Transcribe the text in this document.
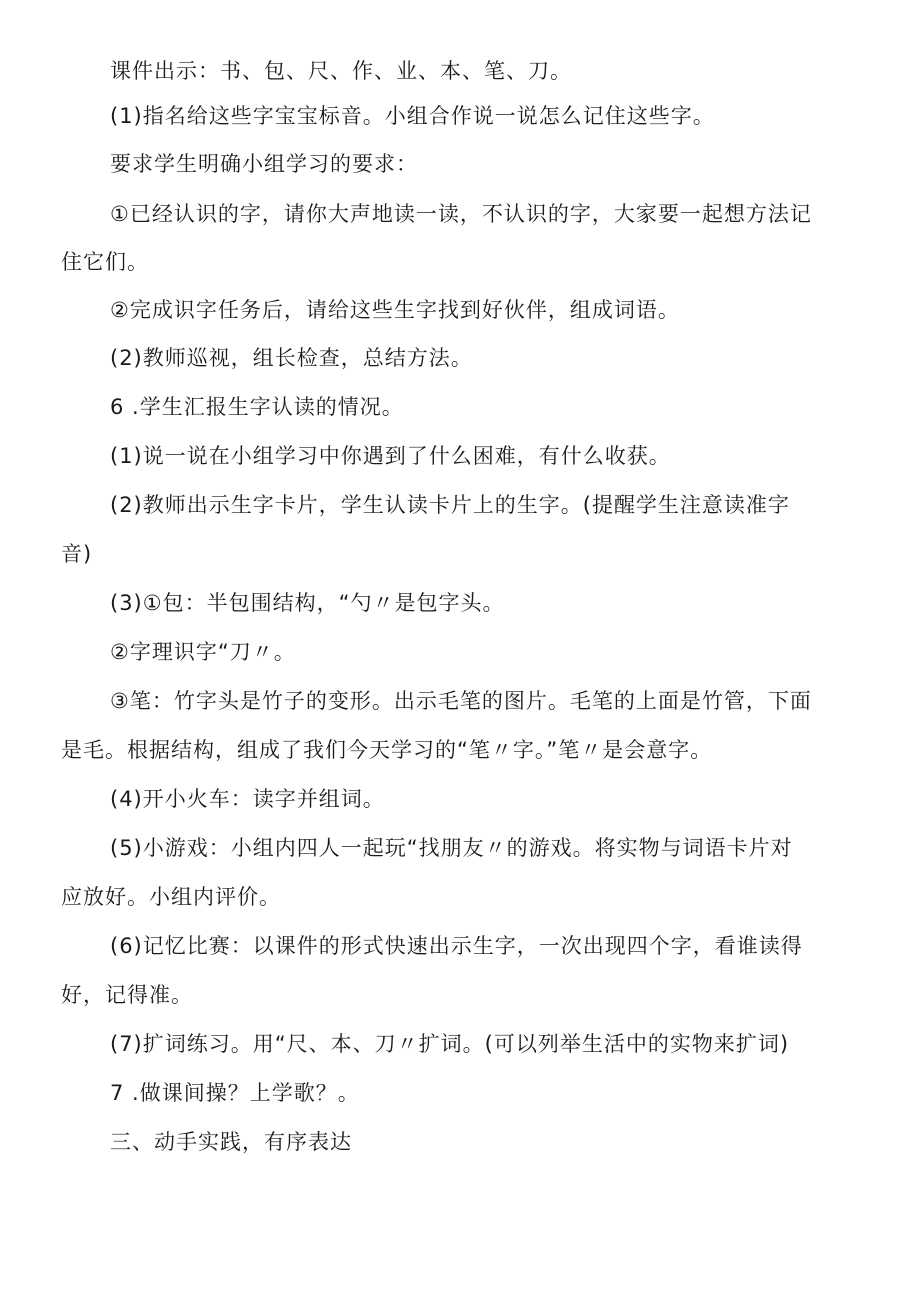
课件出示：书、包、尺、作、业、本、笔、刀。
(1)指名给这些字宝宝标音。小组合作说一说怎么记住这些字。
要求学生明确小组学习的要求：
①已经认识的字，请你大声地读一读，不认识的字，大家要一起想方法记
住它们。
②完成识字任务后，请给这些生字找到好伙伴，组成词语。
(2)教师巡视，组长检查，总结方法。
6 .学生汇报生字认读的情况。
(1)说一说在小组学习中你遇到了什么困难，有什么收获。
(2)教师出示生字卡片，学生认读卡片上的生字。(提醒学生注意读准字
音)
(3)①包：半包围结构，“勺〃是包字头。
②字理识字“刀〃。
③笔：竹字头是竹子的变形。出示毛笔的图片。毛笔的上面是竹管，下面
是毛。根据结构，组成了我们今天学习的“笔〃字。”笔〃是会意字。
(4)开小火车：读字并组词。
(5)小游戏：小组内四人一起玩“找朋友〃的游戏。将实物与词语卡片对
应放好。小组内评价。
(6)记忆比赛：以课件的形式快速出示生字，一次出现四个字，看谁读得
好，记得准。
(7)扩词练习。用“尺、本、刀〃扩词。(可以列举生活中的实物来扩词)
7 .做课间操？上学歌？。
三、动手实践，有序表达
